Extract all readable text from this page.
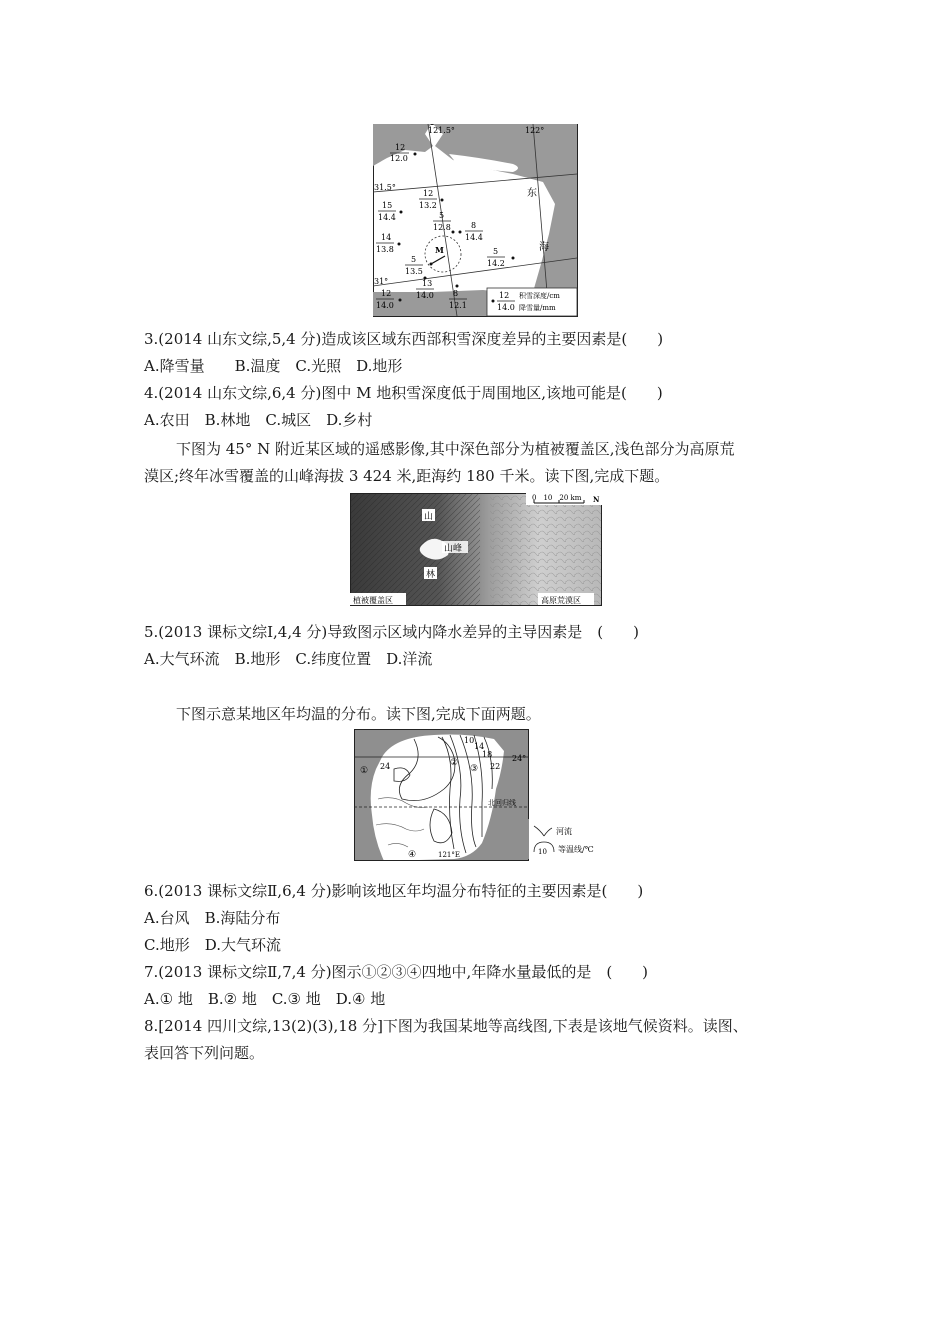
121.5°	122°
31.5°
31°
东
海
M
12
12.0
12
13.2
15
14.4	5
12.8	8
14.4
14
13.8
5
13.5
5
14.2
13
14.0 8
12.1
12
14.0
12
14.0
积雪深度/cm
降雪量/mm
3.(2014 山东文综,5,4 分)造成该区域东西部积雪深度差异的主要因素是(　　)
A.降雪量　　B.温度　C.光照　D.地形
4.(2014 山东文综,6,4 分)图中 M 地积雪深度低于周围地区,该地可能是(　　)
A.农田　B.林地　C.城区　D.乡村
下图为 45° N 附近某区域的遥感影像,其中深色部分为植被覆盖区,浅色部分为高原荒
漠区;终年冰雪覆盖的山峰海拔 3 424 米,距海约 180 千米。读下图,完成下题。
0　10　20 km N
山
山峰
林
植被覆盖区	高原荒漠区
5.(2013 课标文综Ⅰ,4,4 分)导致图示区域内降水差异的主导因素是　(　　)
A.大气环流　B.地形　C.纬度位置　D.洋流
下图示意某地区年均温的分布。读下图,完成下面两题。
①
②
③
④
24
10
14
18
22
24°
北回归线
121°E
河流
10 等温线/℃
6.(2013 课标文综Ⅱ,6,4 分)影响该地区年均温分布特征的主要因素是(　　)
A.台风　B.海陆分布
C.地形　D.大气环流
7.(2013 课标文综Ⅱ,7,4 分)图示①②③④四地中,年降水量最低的是　(　　)
A.① 地　B.② 地　C.③ 地　D.④ 地
8.[2014 四川文综,13(2)(3),18 分]下图为我国某地等高线图,下表是该地气候资料。读图、
表回答下列问题。
